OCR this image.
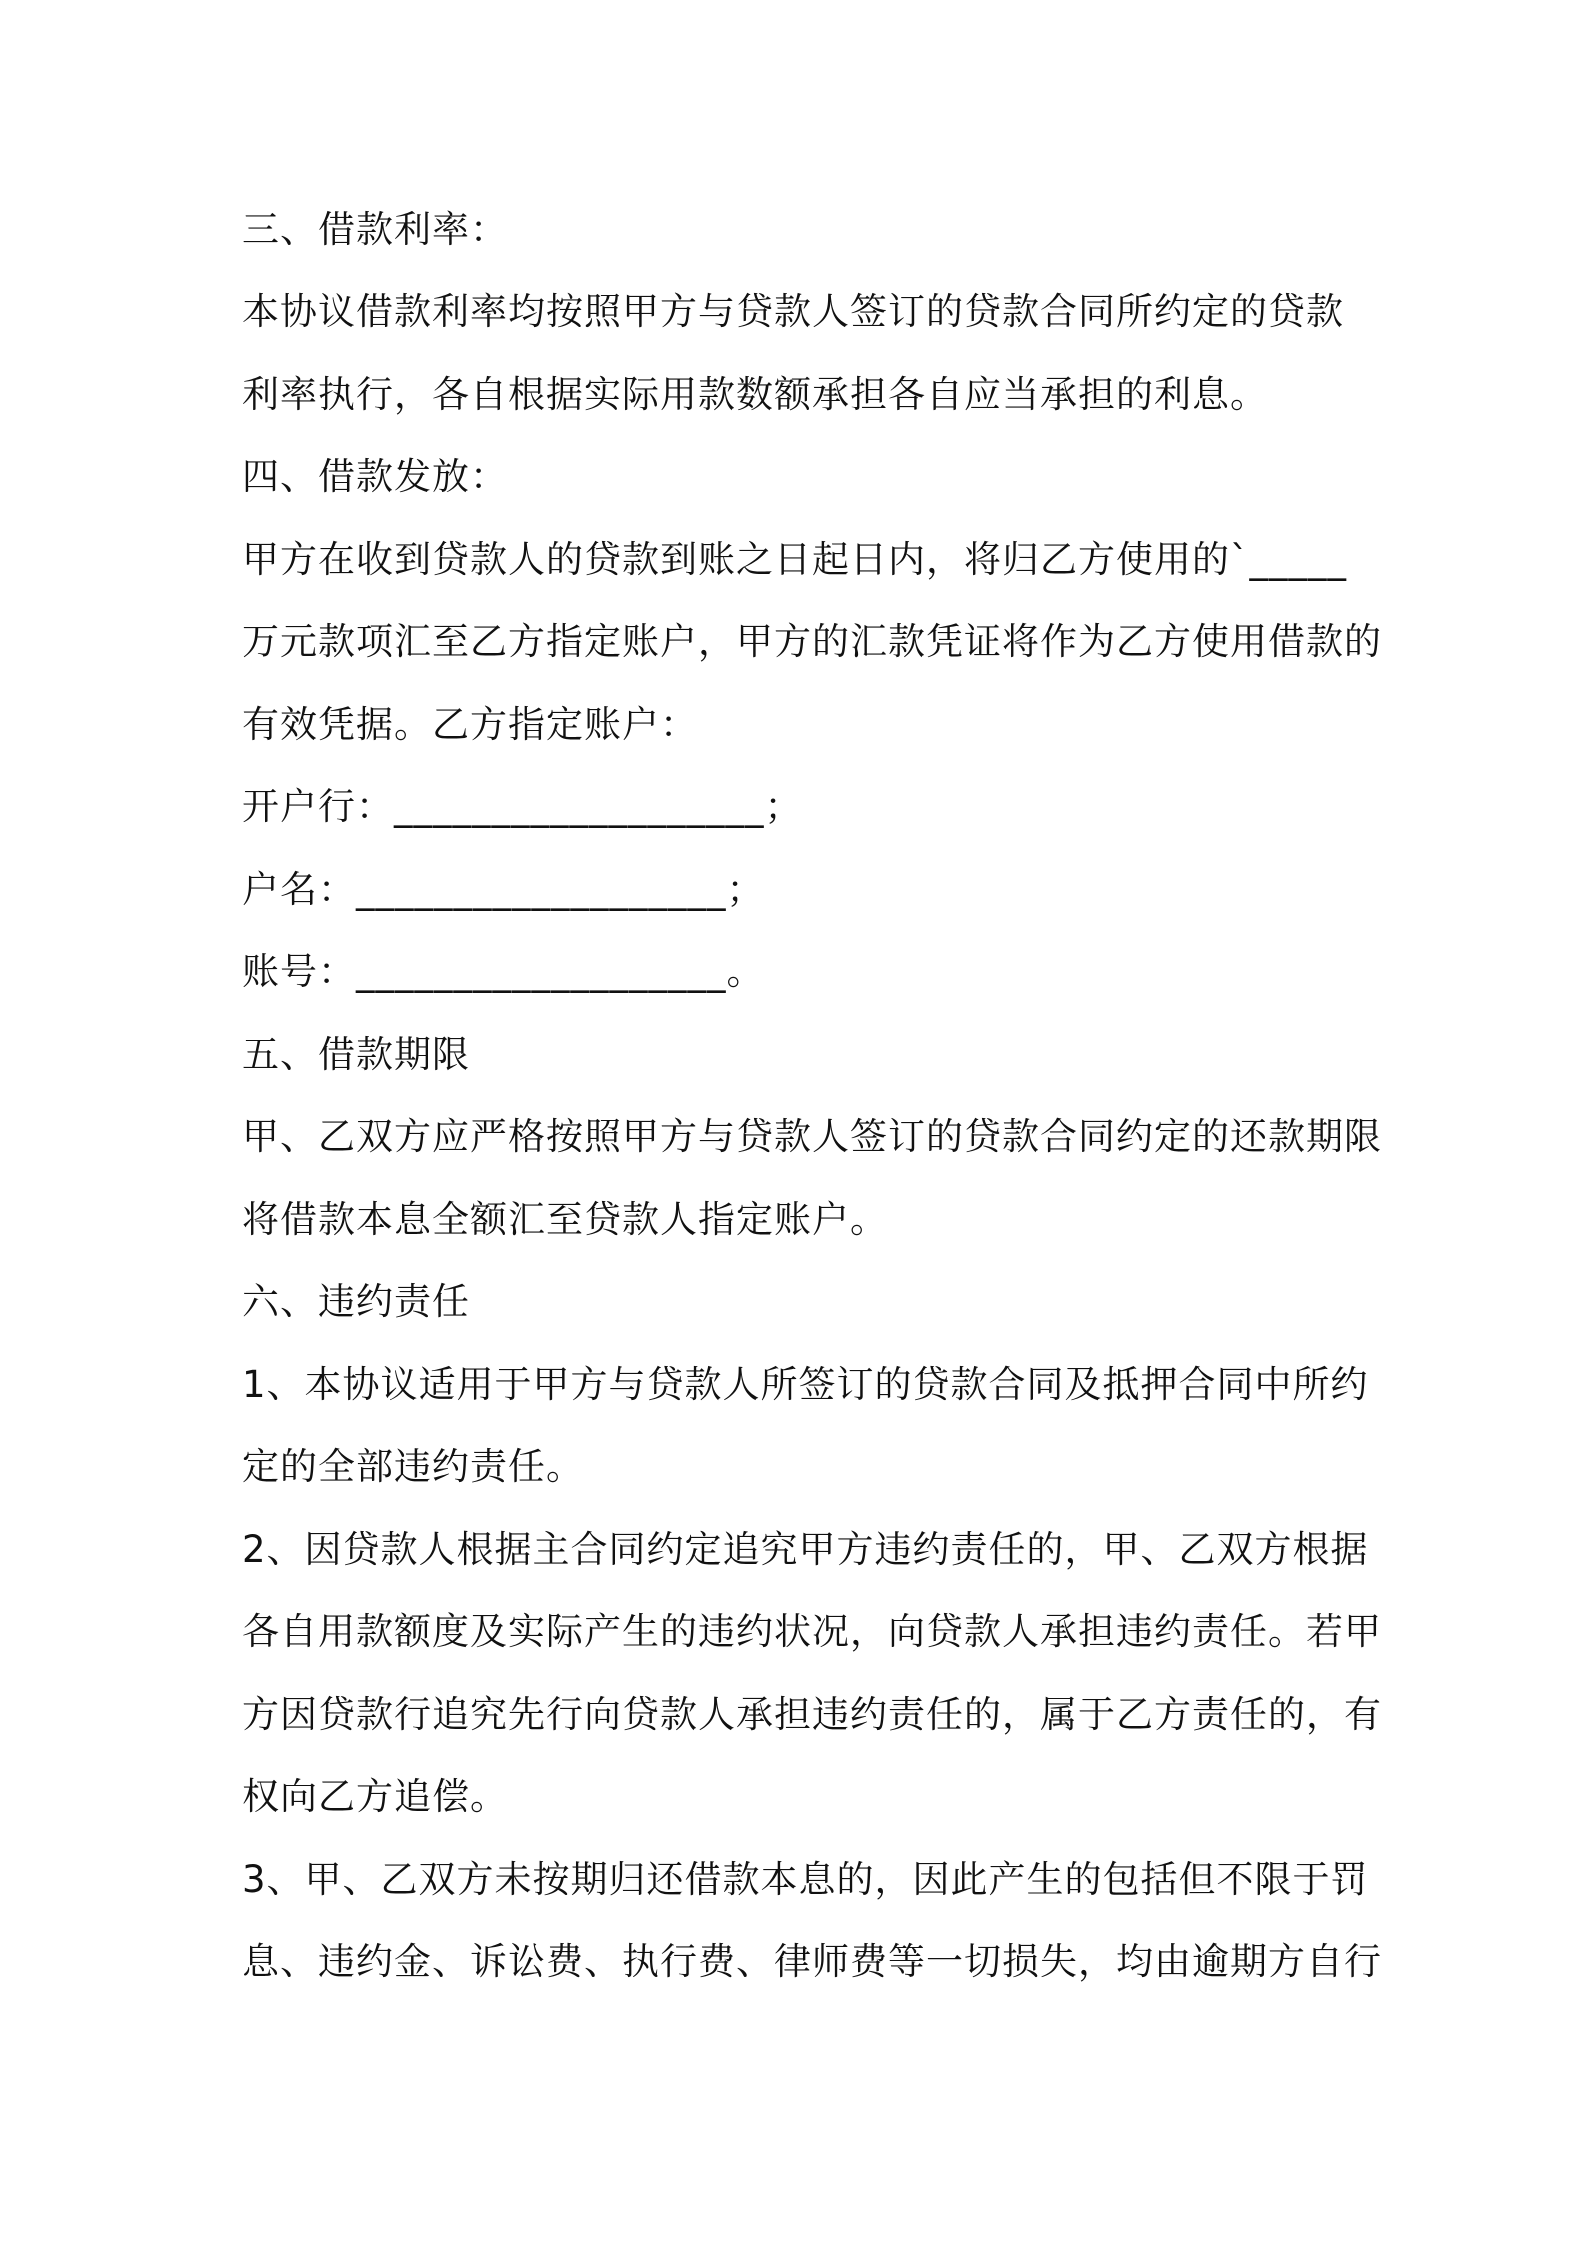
三、借款利率：
本协议借款利率均按照甲方与贷款人签订的贷款合同所约定的贷款
利率执行，各自根据实际用款数额承担各自应当承担的利息。
四、借款发放：
甲方在收到贷款人的贷款到账之日起日内，将归乙方使用的`_____
万元款项汇至乙方指定账户，甲方的汇款凭证将作为乙方使用借款的
有效凭据。乙方指定账户：
开户行：___________________；
户名：___________________；
账号：___________________。
五、借款期限
甲、乙双方应严格按照甲方与贷款人签订的贷款合同约定的还款期限
将借款本息全额汇至贷款人指定账户。
六、违约责任
1、本协议适用于甲方与贷款人所签订的贷款合同及抵押合同中所约
定的全部违约责任。
2、因贷款人根据主合同约定追究甲方违约责任的，甲、乙双方根据
各自用款额度及实际产生的违约状况，向贷款人承担违约责任。若甲
方因贷款行追究先行向贷款人承担违约责任的，属于乙方责任的，有
权向乙方追偿。
3、甲、乙双方未按期归还借款本息的，因此产生的包括但不限于罚
息、违约金、诉讼费、执行费、律师费等一切损失，均由逾期方自行
